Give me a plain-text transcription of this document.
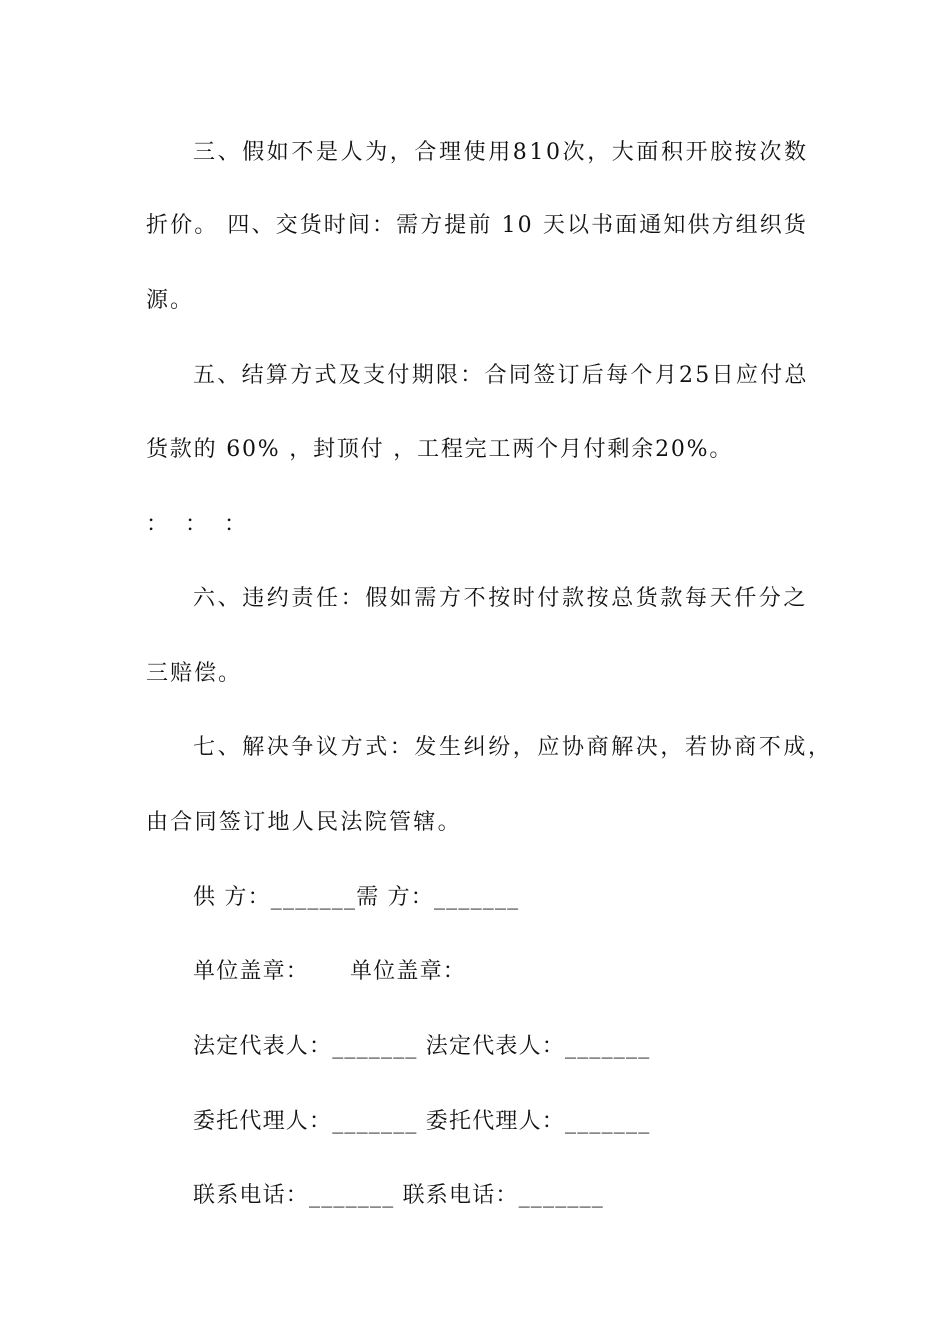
三、假如不是人为，合理使用810次，大面积开胶按次数
折价。 四、交货时间：需方提前 10 天以书面通知供方组织货
源。
五、结算方式及支付期限：合同签订后每个月25日应付总
货款的 60% ，封顶付 ，工程完工两个月付剩余20%。
：  ：  ：
六、违约责任：假如需方不按时付款按总货款每天仟分之
三赔偿。
七、解决争议方式：发生纠纷，应协商解决，若协商不成，
由合同签订地人民法院管辖。
供 方：_______需 方：_______
单位盖章：     单位盖章：
法定代表人：_______ 法定代表人：_______
委托代理人：_______ 委托代理人：_______
联系电话：_______ 联系电话：_______
